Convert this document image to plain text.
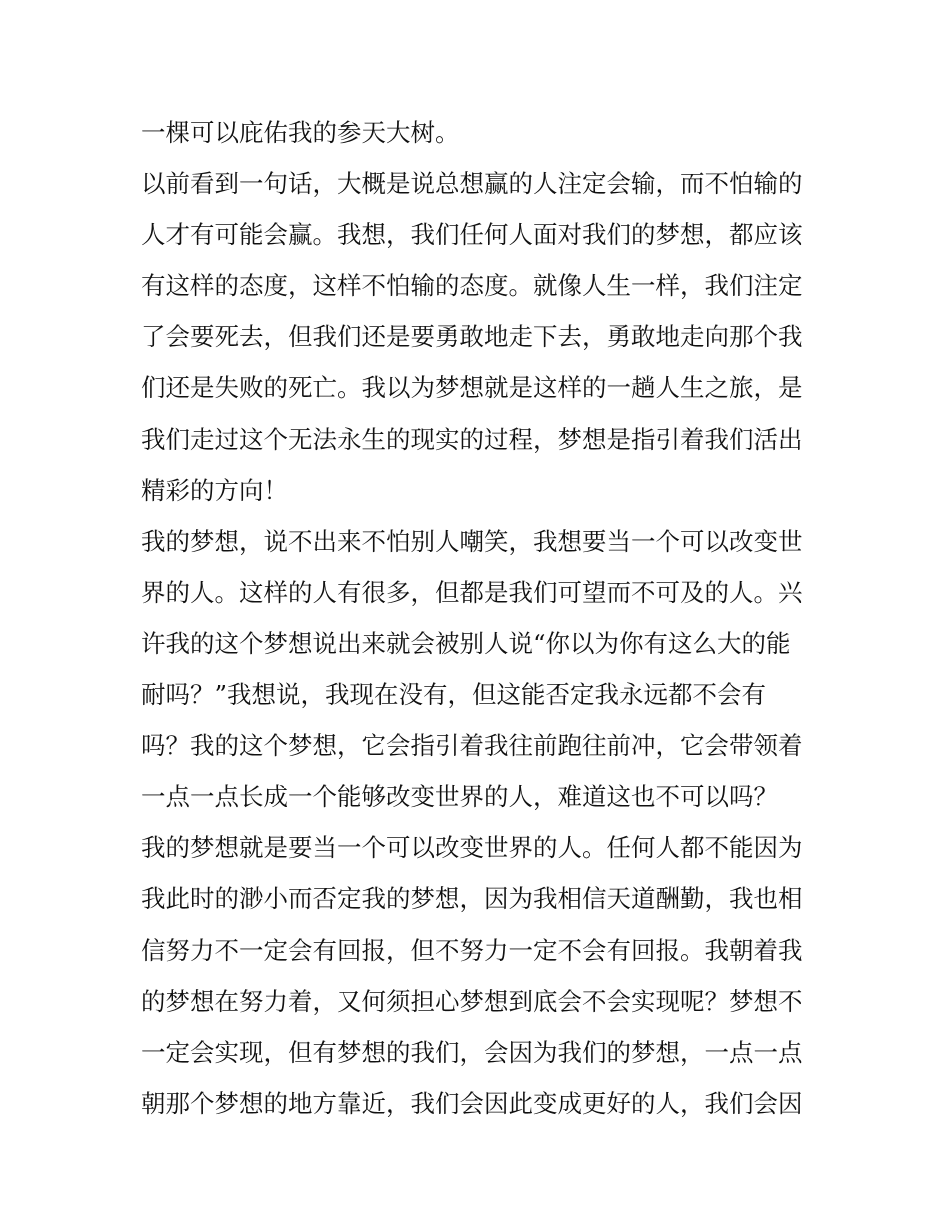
一棵可以庇佑我的参天大树。

以前看到一句话，大概是说总想赢的人注定会输，而不怕输的

人才有可能会赢。我想，我们任何人面对我们的梦想，都应该

有这样的态度，这样不怕输的态度。就像人生一样，我们注定

了会要死去，但我们还是要勇敢地走下去，勇敢地走向那个我

们还是失败的死亡。我以为梦想就是这样的一趟人生之旅，是

我们走过这个无法永生的现实的过程，梦想是指引着我们活出

精彩的方向！

我的梦想，说不出来不怕别人嘲笑，我想要当一个可以改变世

界的人。这样的人有很多，但都是我们可望而不可及的人。兴

许我的这个梦想说出来就会被别人说“你以为你有这么大的能

耐吗？”我想说，我现在没有，但这能否定我永远都不会有

吗？我的这个梦想，它会指引着我往前跑往前冲，它会带领着

一点一点长成一个能够改变世界的人，难道这也不可以吗？

我的梦想就是要当一个可以改变世界的人。任何人都不能因为

我此时的渺小而否定我的梦想，因为我相信天道酬勤，我也相

信努力不一定会有回报，但不努力一定不会有回报。我朝着我

的梦想在努力着，又何须担心梦想到底会不会实现呢？梦想不

一定会实现，但有梦想的我们，会因为我们的梦想，一点一点

朝那个梦想的地方靠近，我们会因此变成更好的人，我们会因
